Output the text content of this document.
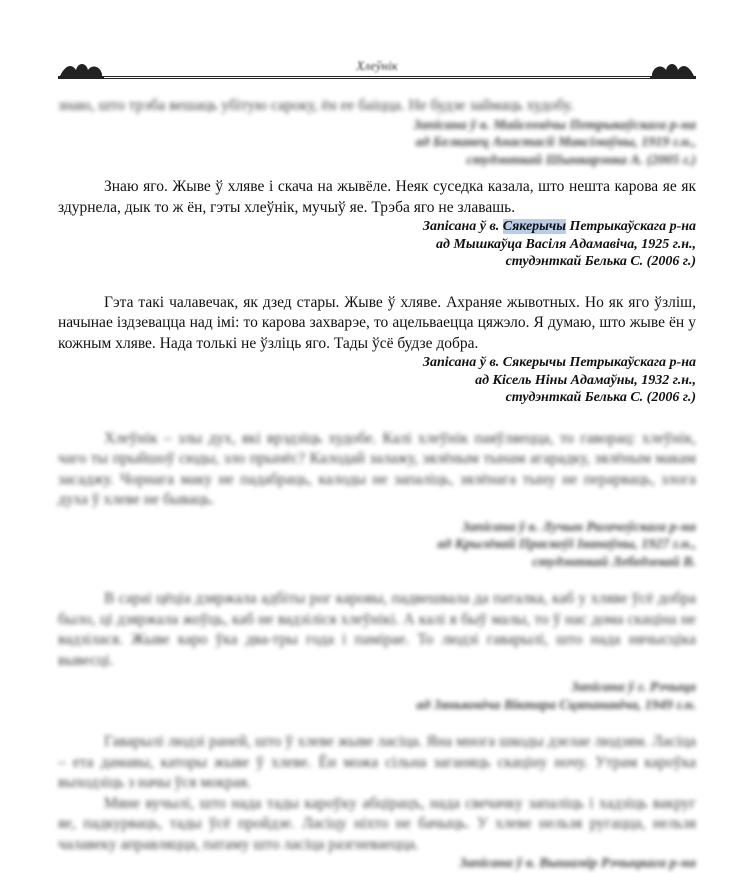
Хлеўнік

знаю, што трэба вешаць убітую сароку, ён ее баіцца. Не будзе займаць худобу.

Запісана ў в. Майсеевічы Петрыкаўскага р-на

ад Белкавец Анастасіі Максімаўны, 1919 г.н.,

студэнткай Шынкарэнка А. (2005 г.)

Знаю яго. Жыве ў хляве і скача на жывёле. Неяк суседка казала, што нешта карова яе як здурнела, дык то ж ён, гэты хлеўнік, мучыў яе. Трэба яго не злавашь.

Запісана ў в. Сякерычы Петрыкаўскага р-на

ад Мышкаўца Васіля Адамавіча, 1925 г.н.,

студэнткай Белька С. (2006 г.)

Гэта такі чалавечак, як дзед стары. Жыве ў хляве. Ахраняе жывотных. Но як яго ўзліш, начынае іздзевацца над імі: то карова захварэе, то ацельваецца цяжэло. Я думаю, што жыве ён у кожным хляве. Нада толькі не ўзліць яго. Тады ўсё будзе добра.

Запісана ў в. Сякерычы Петрыкаўскага р-на

ад Кісель Ніны Адамаўны, 1932 г.н.,

студэнткай Белька С. (2006 г.)

Хлеўнік – злы дух, які врэдзіць худобе. Калі хлеўнік паяўляецца, то гаворац: хлеўнік, чаго ты прыйшоў сюды, зло прынёс? Калодай залажу, зялёным тынам агарадку, зялёным макам засаджу. Чорнага маку не падабраць, калоды не запаліць, зялёнага тыну не перарваць, злога духа ў хлеве не бываць.

Запісана ў в. Лучын Рагачоўскага р-на

ад Крылёвай Праскоўі Іванаўны, 1927 г.н.,

студэнткай Лебедзевай В.

В сараі цёціа дзяржала адбіты рог каровы, падвешвала да паталка, каб у хляве ўсё добра было, ці дзяржала жоўць, каб не вадзіліся хлеўнікі. А калі я быў малы, то ў нас дома скаціна не вадзілася. Жыве каро ўка два-тры года і паміраe. То людзі гаварылі, што нада нячысціка вывесці.

Запісана ў г. Рэчыца

ад Зяньковіча Віктара Сцяпанавіча, 1949 г.н.

Гаварылі людзі раней, што ў хлеве жыве ласіца. Яна многа шкоды дзелае людзям. Ласіца – ета дамавы, каторы жыве ў хлеве. Ён можа сільна заганяць скаціну ночу. Утрам кароўка выходзіць з начы ўся мокрая.

Мяне вучылі, што нада тады кароўку абцірацъ, нада свечачку запаліць і хадзіць вакруг яе, падкурваць, тады ўсё пройдзе. Ласіцу ніхто не бачыць. У хлеве нельзя ругацца, нельзя чалавеку аправляцца, патаму што ласіца разгневаецца.

Запісана ў в. Вышамір Рэчыцкага р-на
